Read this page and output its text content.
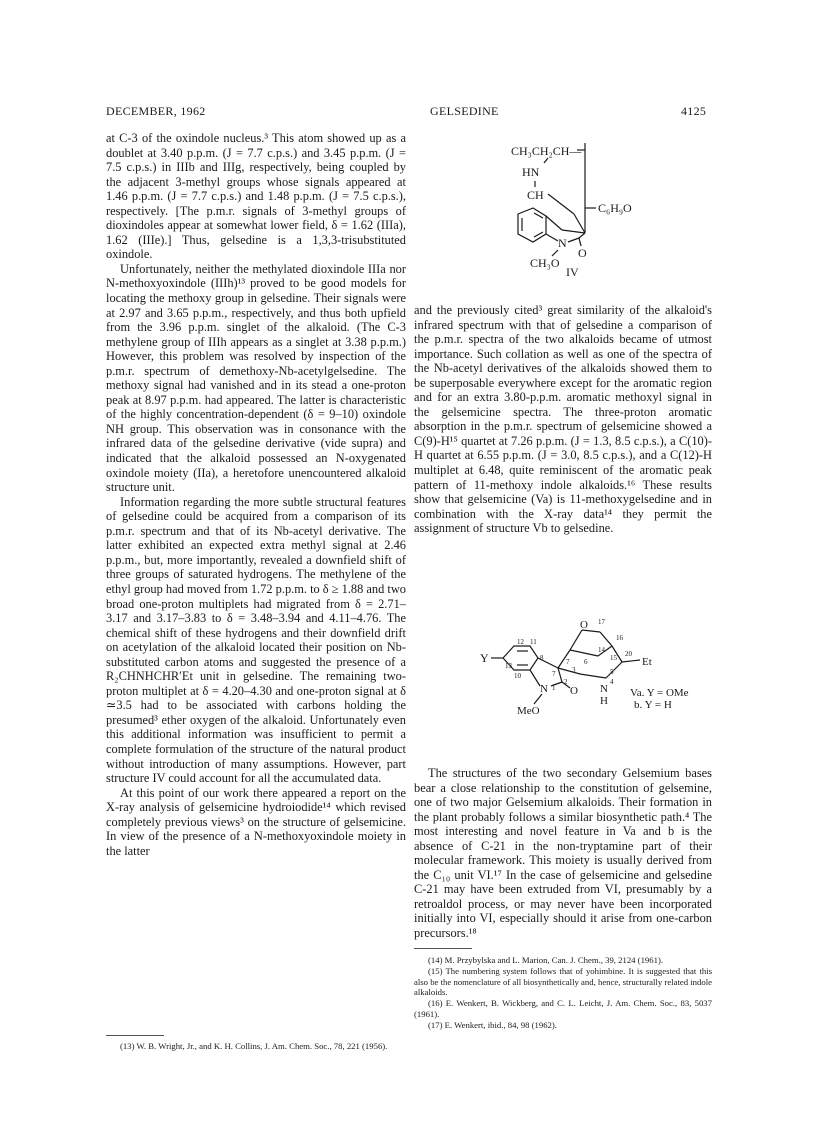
DECEMBER, 1962	GELSEDINE	4125

at C-3 of the oxindole nucleus.³ This atom showed up as a doublet at 3.40 p.p.m. (J = 7.7 c.p.s.) and 3.45 p.p.m. (J = 7.5 c.p.s.) in IIIb and IIIg, respectively, being coupled by the adjacent 3-methyl groups whose signals appeared at 1.46 p.p.m. (J = 7.7 c.p.s.) and 1.48 p.p.m. (J = 7.5 c.p.s.), respectively. [The p.m.r. signals of 3-methyl groups of dioxindoles appear at somewhat lower field, δ = 1.62 (IIIa), 1.62 (IIIe).] Thus, gelsedine is a 1,3,3-trisubstituted oxindole.

Unfortunately, neither the methylated dioxindole IIIa nor N-methoxyoxindole (IIIh)¹³ proved to be good models for locating the methoxy group in gelsedine. Their signals were at 2.97 and 3.65 p.p.m., respectively, and thus both upfield from the 3.96 p.p.m. singlet of the alkaloid. (The C-3 methylene group of IIIh appears as a singlet at 3.38 p.p.m.) However, this problem was resolved by inspection of the p.m.r. spectrum of demethoxy-Nb-acetylgelsedine. The methoxy signal had vanished and in its stead a one-proton peak at 8.97 p.p.m. had appeared. The latter is characteristic of the highly concentration-dependent (δ = 9–10) oxindole NH group. This observation was in consonance with the infrared data of the gelsedine derivative (vide supra) and indicated that the alkaloid possessed an N-oxygenated oxindole moiety (IIa), a heretofore unencountered alkaloid structure unit.

Information regarding the more subtle structural features of gelsedine could be acquired from a comparison of its p.m.r. spectrum and that of its Nb-acetyl derivative. The latter exhibited an expected extra methyl signal at 2.46 p.p.m., but, more importantly, revealed a downfield shift of three groups of saturated hydrogens. The methylene of the ethyl group had moved from 1.72 p.p.m. to δ ≥ 1.88 and two broad one-proton multiplets had migrated from δ = 2.71–3.17 and 3.17–3.83 to δ = 3.48–3.94 and 4.11–4.76. The chemical shift of these hydrogens and their downfield drift on acetylation of the alkaloid located their position on Nb-substituted carbon atoms and suggested the presence of a R₂CHNHCHR′Et unit in gelsedine. The remaining two-proton multiplet at δ = 4.20–4.30 and one-proton signal at δ ≃3.5 had to be associated with carbons holding the presumed³ ether oxygen of the alkaloid. Unfortunately even this additional information was insufficient to permit a complete formulation of the structure of the natural product without introduction of many assumptions. However, part structure IV could account for all the accumulated data.

At this point of our work there appeared a report on the X-ray analysis of gelsemicine hydroiodide¹⁴ which revised completely previous views³ on the structure of gelsemicine. In view of the presence of a N-methoxyoxindole moiety in the latter

(13) W. B. Wright, Jr., and K. H. Collins, J. Am. Chem. Soc., 78, 221 (1956).

CH₃CH₂CH—
HN
CH
C₆H₉O
N
O
CH₃O
IV

and the previously cited³ great similarity of the alkaloid's infrared spectrum with that of gelsedine a comparison of the p.m.r. spectra of the two alkaloids became of utmost importance. Such collation as well as one of the spectra of the Nb-acetyl derivatives of the alkaloids showed them to be superposable everywhere except for the aromatic region and for an extra 3.80-p.p.m. aromatic methoxyl signal in the gelsemicine spectra. The three-proton aromatic absorption in the p.m.r. spectrum of gelsemicine showed a C(9)-H¹⁵ quartet at 7.26 p.p.m. (J = 1.3, 8.5 c.p.s.), a C(10)-H quartet at 6.55 p.p.m. (J = 3.0, 8.5 c.p.s.), and a C(12)-H multiplet at 6.48, quite reminiscent of the aromatic peak pattern of 11-methoxy indole alkaloids.¹⁶ These results show that gelsemicine (Va) is 11-methoxygelsedine and in combination with the X-ray data¹⁴ they permit the assignment of structure Vb to gelsedine.

Y
N O
MeO
O
Et
N
H
12 11
13
10
8
7
17
16
14
15 20
3	5
4
7 6
2
1	Va. Y = OMe
b. Y = H

The structures of the two secondary Gelsemium bases bear a close relationship to the constitution of gelsemine, one of two major Gelsemium alkaloids. Their formation in the plant probably follows a similar biosynthetic path.⁴ The most interesting and novel feature in Va and b is the absence of C-21 in the non-tryptamine part of their molecular framework. This moiety is usually derived from the C₁₀ unit VI.¹⁷ In the case of gelsemicine and gelsedine C-21 may have been extruded from VI, presumably by a retroaldol process, or may never have been incorporated initially into VI, especially should it arise from one-carbon precursors.¹⁸

(14) M. Przybylska and L. Marion, Can. J. Chem., 39, 2124 (1961).

(15) The numbering system follows that of yohimbine. It is suggested that this also be the nomenclature of all biosynthetically and, hence, structurally related indole alkaloids.

(16) E. Wenkert, B. Wickberg, and C. L. Leicht, J. Am. Chem. Soc., 83, 5037 (1961).

(17) E. Wenkert, ibid., 84, 98 (1962).
